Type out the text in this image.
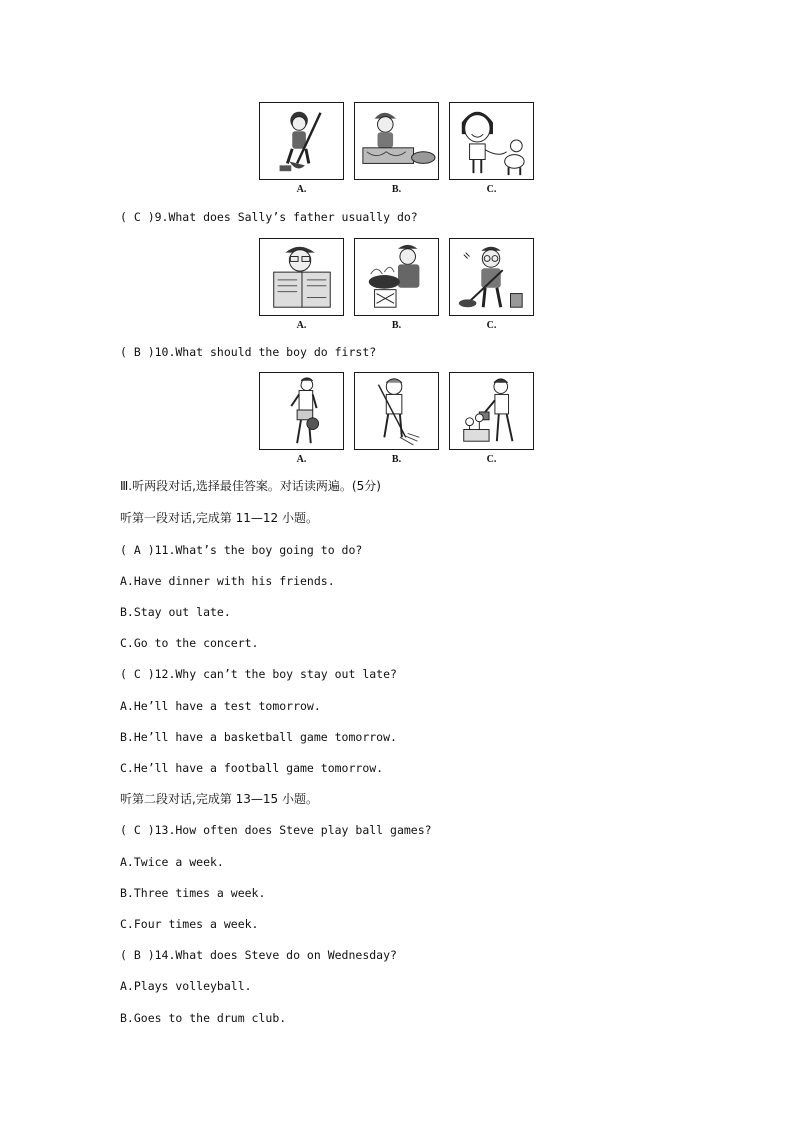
A.	B.	C.
( C )9.What does Sally’s father usually do?
A.	B.	C.
( B )10.What should the boy do first?
A.	B.	C.
Ⅲ.听两段对话,选择最佳答案。对话读两遍。(5分)
听第一段对话,完成第 11—12 小题。
( A )11.What’s the boy going to do?
A.Have dinner with his friends.
B.Stay out late.
C.Go to the concert.
( C )12.Why can’t the boy stay out late?
A.He’ll have a test tomorrow.
B.He’ll have a basketball game tomorrow.
C.He’ll have a football game tomorrow.
听第二段对话,完成第 13—15 小题。
( C )13.How often does Steve play ball games?
A.Twice a week.
B.Three times a week.
C.Four times a week.
( B )14.What does Steve do on Wednesday?
A.Plays volleyball.
B.Goes to the drum club.
